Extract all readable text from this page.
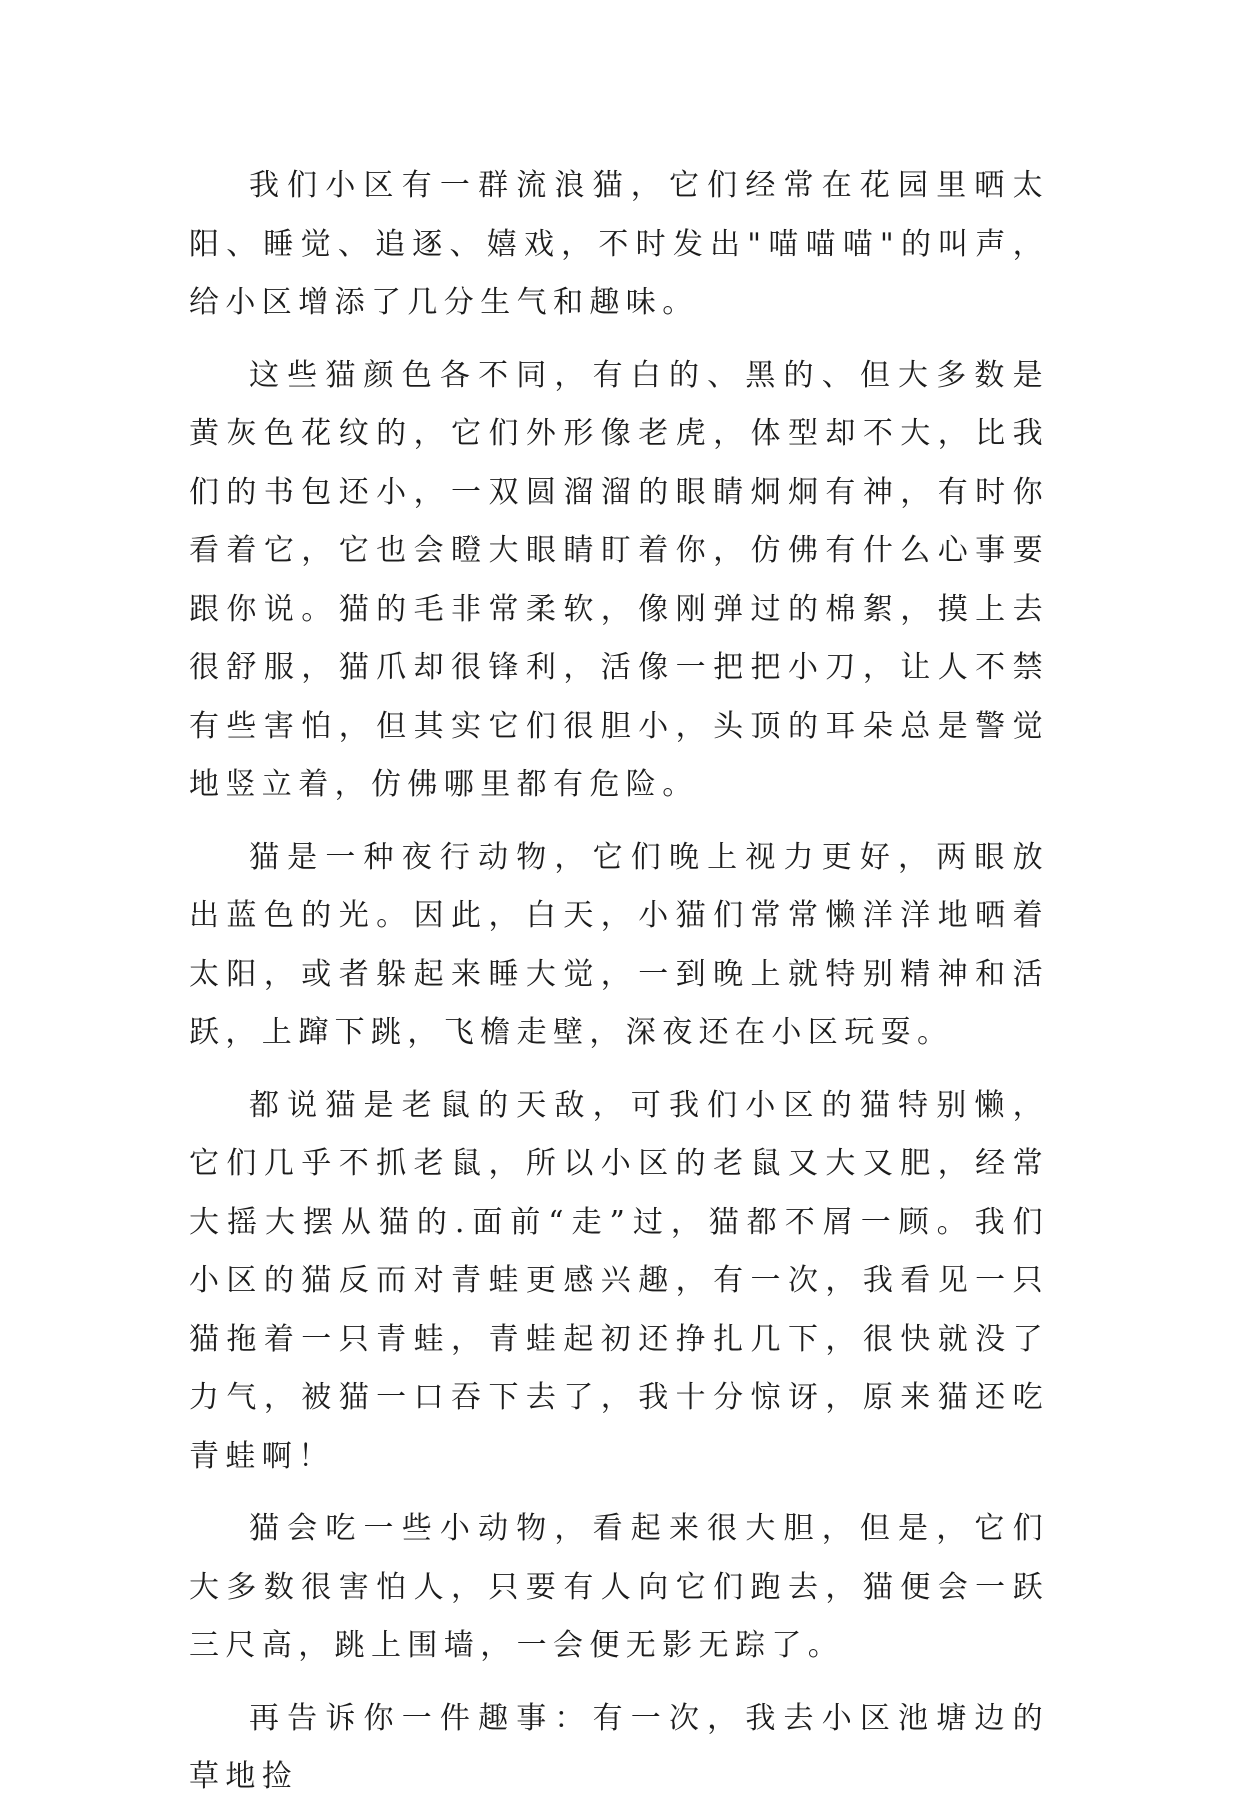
我们小区有一群流浪猫，它们经常在花园里晒太阳、睡觉、追逐、嬉戏，不时发出"喵喵喵"的叫声，给小区增添了几分生气和趣味。

这些猫颜色各不同，有白的、黑的、但大多数是黄灰色花纹的，它们外形像老虎，体型却不大，比我们的书包还小，一双圆溜溜的眼睛炯炯有神，有时你看着它，它也会瞪大眼睛盯着你，仿佛有什么心事要跟你说。猫的毛非常柔软，像刚弹过的棉絮，摸上去很舒服，猫爪却很锋利，活像一把把小刀，让人不禁有些害怕，但其实它们很胆小，头顶的耳朵总是警觉地竖立着，仿佛哪里都有危险。

猫是一种夜行动物，它们晚上视力更好，两眼放出蓝色的光。因此，白天，小猫们常常懒洋洋地晒着太阳，或者躲起来睡大觉，一到晚上就特别精神和活跃，上蹿下跳，飞檐走壁，深夜还在小区玩耍。

都说猫是老鼠的天敌，可我们小区的猫特别懒，它们几乎不抓老鼠，所以小区的老鼠又大又肥，经常大摇大摆从猫的.面前“走”过，猫都不屑一顾。我们小区的猫反而对青蛙更感兴趣，有一次，我看见一只猫拖着一只青蛙，青蛙起初还挣扎几下，很快就没了力气，被猫一口吞下去了，我十分惊讶，原来猫还吃青蛙啊！

猫会吃一些小动物，看起来很大胆，但是，它们大多数很害怕人，只要有人向它们跑去，猫便会一跃三尺高，跳上围墙，一会便无影无踪了。

再告诉你一件趣事：有一次，我去小区池塘边的草地捡
